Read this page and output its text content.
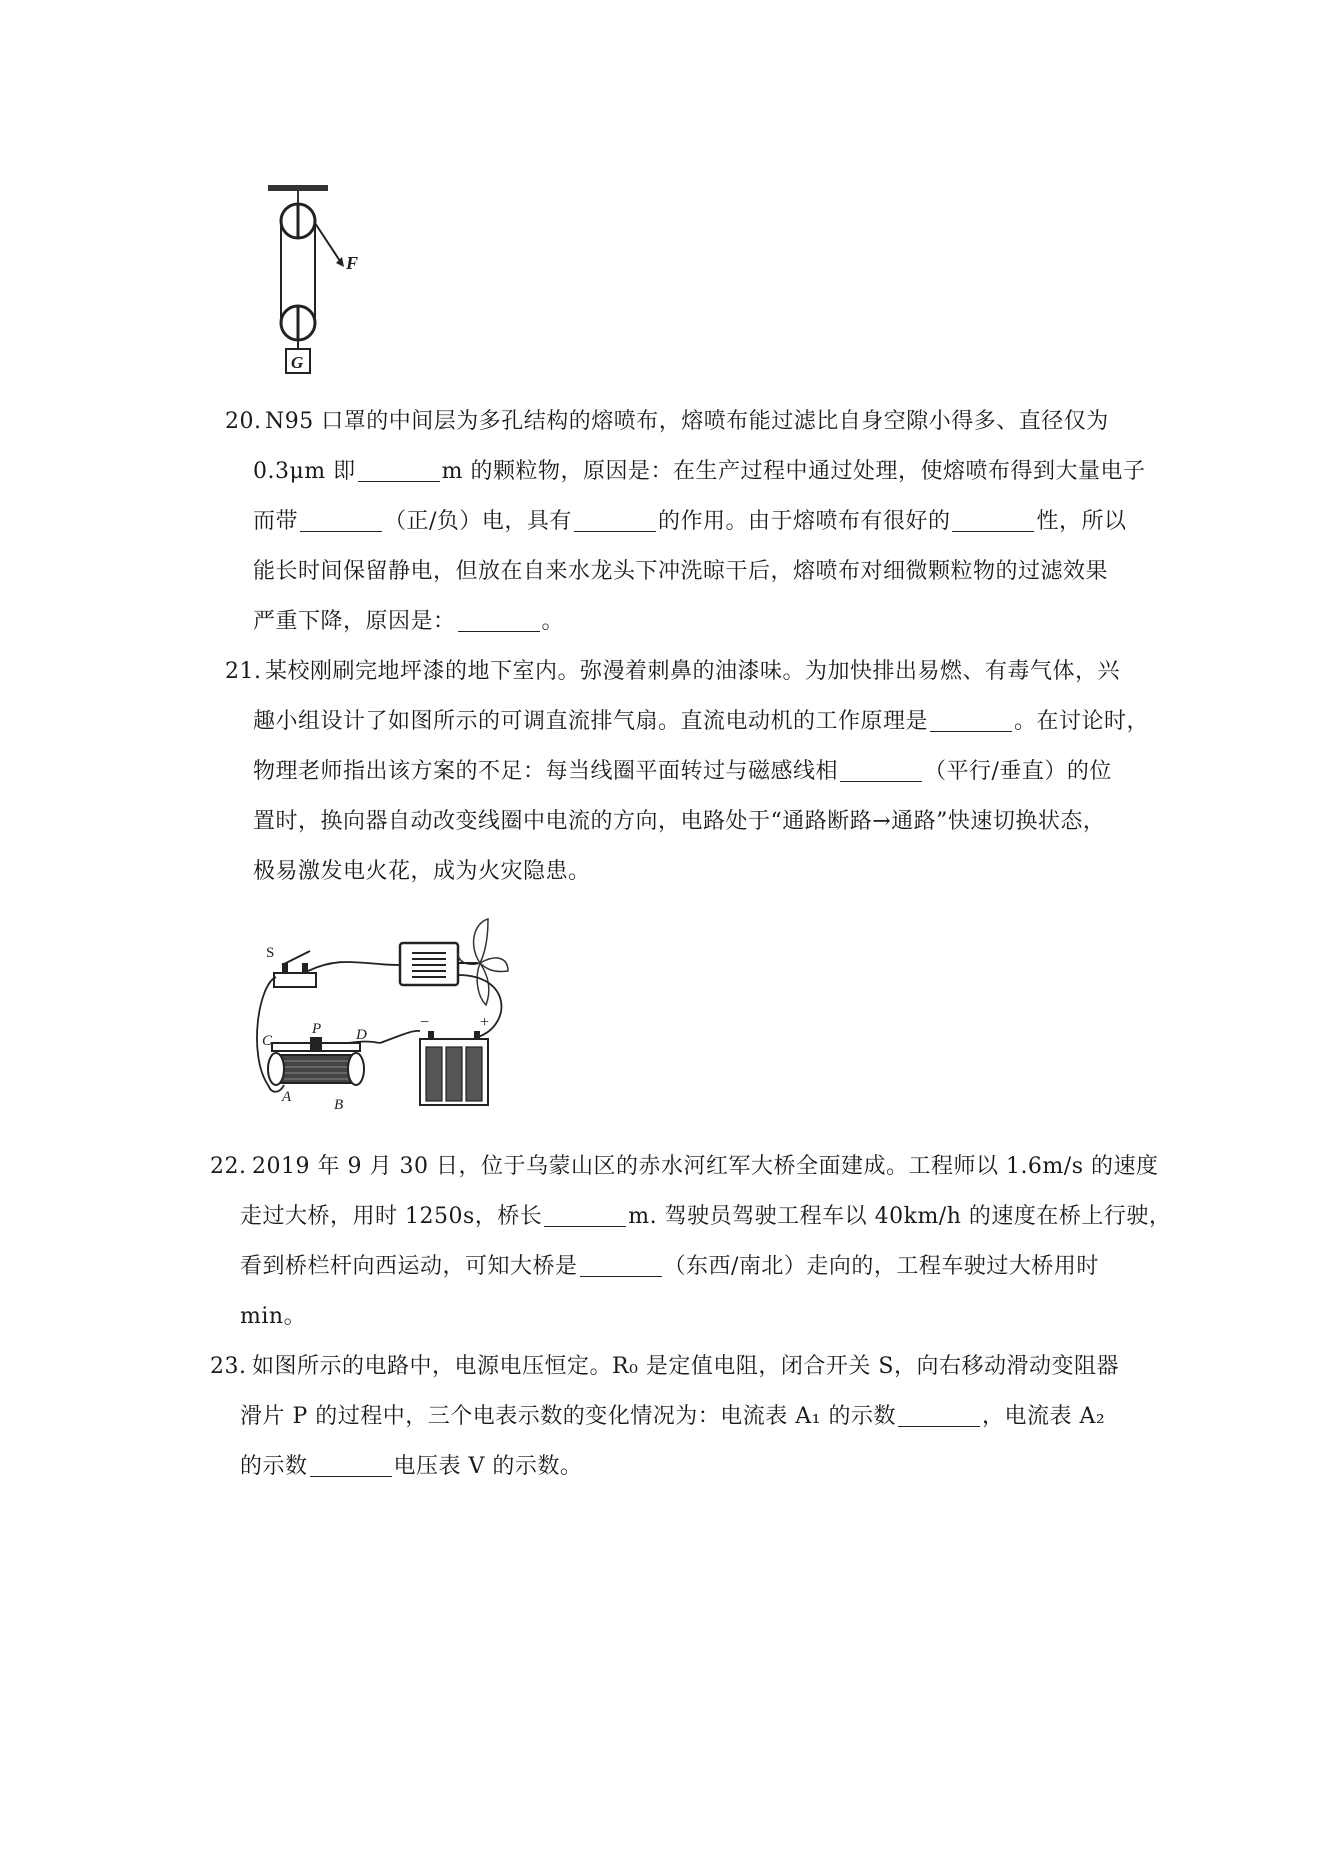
F
G
20. N95 口罩的中间层为多孔结构的熔喷布，熔喷布能过滤比自身空隙小得多、直径仅为
0.3μm 即	m 的颗粒物，原因是：在生产过程中通过处理，使熔喷布得到大量电子
而带	（正/负）电，具有	的作用。由于熔喷布有很好的	性，所以
能长时间保留静电，但放在自来水龙头下冲洗晾干后，熔喷布对细微颗粒物的过滤效果
严重下降，原因是：	。
21. 某校刚刷完地坪漆的地下室内。弥漫着刺鼻的油漆味。为加快排出易燃、有毒气体，兴
趣小组设计了如图所示的可调直流排气扇。直流电动机的工作原理是	。在讨论时，
物理老师指出该方案的不足：每当线圈平面转过与磁感线相	（平行/垂直）的位
置时，换向器自动改变线圈中电流的方向，电路处于“通路断路→通路”快速切换状态，
极易激发电火花，成为火灾隐患。
S
P
C	D
A	B
−	+
22. 2019 年 9 月 30 日，位于乌蒙山区的赤水河红军大桥全面建成。工程师以 1.6m/s 的速度
走过大桥，用时 1250s，桥长	m. 驾驶员驾驶工程车以 40km/h 的速度在桥上行驶，
看到桥栏杆向西运动，可知大桥是	（东西/南北）走向的，工程车驶过大桥用时
min。
23. 如图所示的电路中，电源电压恒定。R₀ 是定值电阻，闭合开关 S，向右移动滑动变阻器
滑片 P 的过程中，三个电表示数的变化情况为：电流表 A₁ 的示数	，电流表 A₂
的示数	电压表 V 的示数。
